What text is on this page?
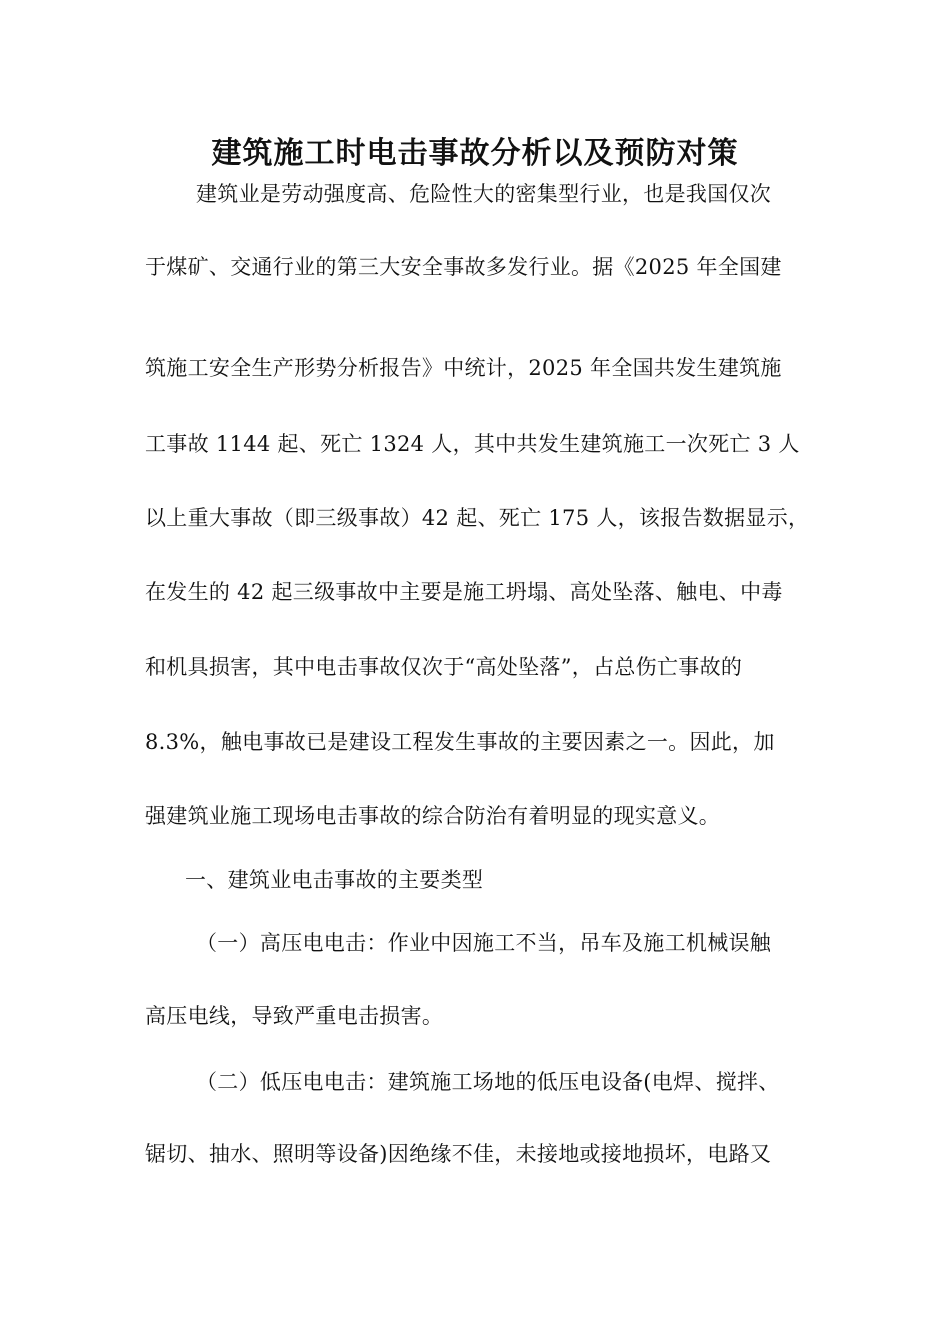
建筑施工时电击事故分析以及预防对策
建筑业是劳动强度高、危险性大的密集型行业，也是我国仅次
于煤矿、交通行业的第三大安全事故多发行业。据《2025 年全国建
筑施工安全生产形势分析报告》中统计，2025 年全国共发生建筑施
工事故 1144 起、死亡 1324 人，其中共发生建筑施工一次死亡 3 人
以上重大事故（即三级事故）42 起、死亡 175 人，该报告数据显示，
在发生的 42 起三级事故中主要是施工坍塌、高处坠落、触电、中毒
和机具损害，其中电击事故仅次于“高处坠落”，占总伤亡事故的
8.3%，触电事故已是建设工程发生事故的主要因素之一。因此，加
强建筑业施工现场电击事故的综合防治有着明显的现实意义。
一、建筑业电击事故的主要类型
（一）高压电电击：作业中因施工不当，吊车及施工机械误触
高压电线，导致严重电击损害。
（二）低压电电击：建筑施工场地的低压电设备(电焊、搅拌、
锯切、抽水、照明等设备)因绝缘不佳，未接地或接地损坏，电路又
